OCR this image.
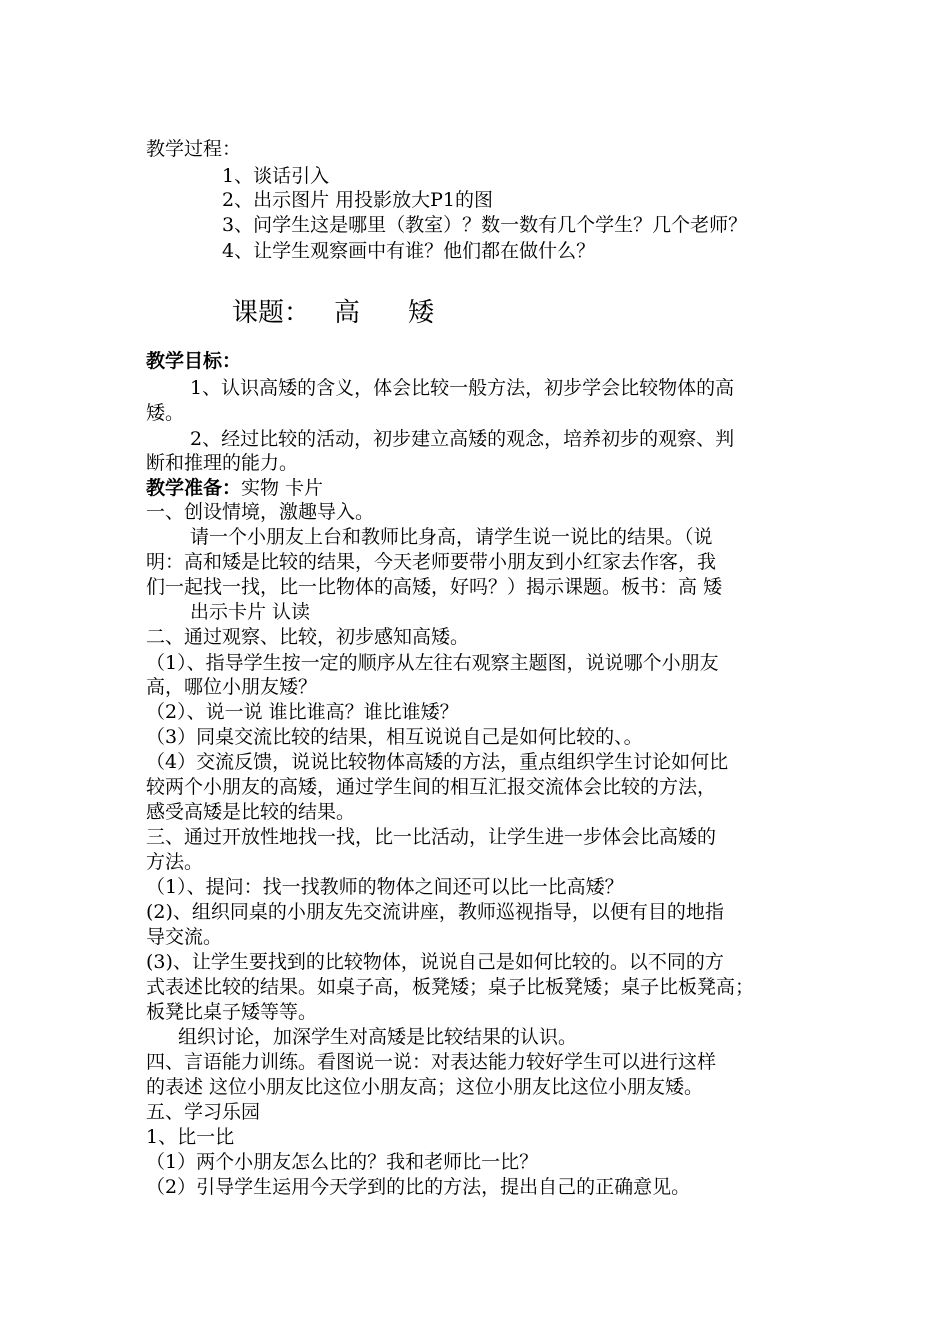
教学过程：
1、谈话引入
2、出示图片 用投影放大P1的图
3、问学生这是哪里（教室）？数一数有几个学生？几个老师？
4、让学生观察画中有谁？他们都在做什么？
课题： 高 矮
教学目标：
1、认识高矮的含义，体会比较一般方法，初步学会比较物体的高
矮。
2、经过比较的活动，初步建立高矮的观念，培养初步的观察、判
断和推理的能力。
教学准备：实物 卡片
一、创设情境，激趣导入。
请一个小朋友上台和教师比身高，请学生说一说比的结果。（说
明：高和矮是比较的结果，今天老师要带小朋友到小红家去作客，我
们一起找一找，比一比物体的高矮，好吗？）揭示课题。板书：高 矮
出示卡片 认读
二、通过观察、比较，初步感知高矮。
（1）、指导学生按一定的顺序从左往右观察主题图，说说哪个小朋友
高，哪位小朋友矮？
（2）、说一说 谁比谁高？谁比谁矮？
（3）同桌交流比较的结果，相互说说自己是如何比较的、。
（4）交流反馈，说说比较物体高矮的方法，重点组织学生讨论如何比
较两个小朋友的高矮，通过学生间的相互汇报交流体会比较的方法，
感受高矮是比较的结果。
三、通过开放性地找一找，比一比活动，让学生进一步体会比高矮的
方法。
（1）、提问：找一找教师的物体之间还可以比一比高矮？
(2)、组织同桌的小朋友先交流讲座，教师巡视指导，以便有目的地指
导交流。
(3)、让学生要找到的比较物体，说说自己是如何比较的。以不同的方
式表述比较的结果。如桌子高，板凳矮；桌子比板凳矮；桌子比板凳高；
板凳比桌子矮等等。
组织讨论，加深学生对高矮是比较结果的认识。
四、言语能力训练。看图说一说：对表达能力较好学生可以进行这样
的表述 这位小朋友比这位小朋友高；这位小朋友比这位小朋友矮。
五、学习乐园
1、比一比
（1）两个小朋友怎么比的？我和老师比一比？
（2）引导学生运用今天学到的比的方法，提出自己的正确意见。
